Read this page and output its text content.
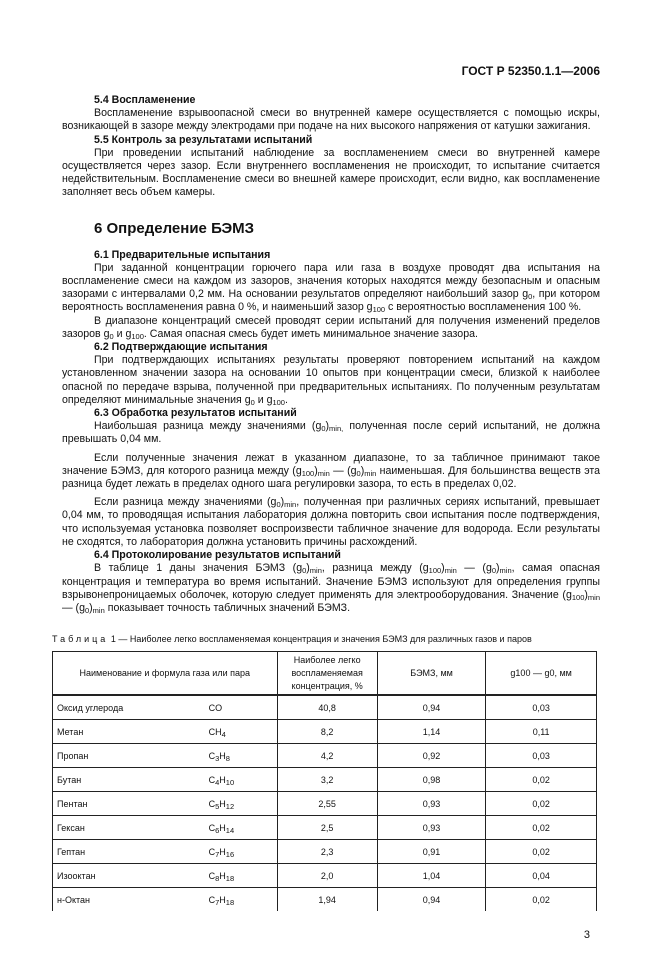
ГОСТ Р 52350.1.1—2006
5.4 Воспламенение
Воспламенение взрывоопасной смеси во внутренней камере осуществляется с помощью искры, возникающей в зазоре между электродами при подаче на них высокого напряжения от катушки зажигания.
5.5 Контроль за результатами испытаний
При проведении испытаний наблюдение за воспламенением смеси во внутренней камере осуществляется через зазор. Если внутреннего воспламенения не происходит, то испытание считается недействительным. Воспламенение смеси во внешней камере происходит, если видно, как воспламенение заполняет весь объем камеры.
6 Определение БЭМЗ
6.1 Предварительные испытания
При заданной концентрации горючего пара или газа в воздухе проводят два испытания на воспламенение смеси на каждом из зазоров, значения которых находятся между безопасным и опасным зазорами с интервалами 0,2 мм. На основании результатов определяют наибольший зазор $g_0$, при котором вероятность воспламенения равна 0 %, и наименьший зазор $g_{100}$ с вероятностью воспламенения 100 %.
В диапазоне концентраций смесей проводят серии испытаний для получения изменений пределов зазоров $g_0$ и $g_{100}$. Самая опасная смесь будет иметь минимальное значение зазора.
6.2 Подтверждающие испытания
При подтверждающих испытаниях результаты проверяют повторением испытаний на каждом установленном значении зазора на основании 10 опытов при концентрации смеси, близкой к наиболее опасной по передаче взрыва, полученной при предварительных испытаниях. По полученным результатам определяют минимальные значения $g_0$ и $g_{100}$.
6.3 Обработка результатов испытаний
Наибольшая разница между значениями $(g_0)_{min,}$ полученная после серий испытаний, не должна превышать 0,04 мм.
Если полученные значения лежат в указанном диапазоне, то за табличное принимают такое значение БЭМЗ, для которого разница между $(g_{100})_{min}$ — $(g_0)_{min}$ наименьшая. Для большинства веществ эта разница будет лежать в пределах одного шага регулировки зазора, то есть в пределах 0,02.
Если разница между значениями $(g_0)_{min}$, полученная при различных сериях испытаний, превышает 0,04 мм, то проводящая испытания лаборатория должна повторить свои испытания после подтверждения, что используемая установка позволяет воспроизвести табличное значение для водорода. Если результаты не сходятся, то лаборатория должна установить причины расхождений.
6.4 Протоколирование результатов испытаний
В таблице 1 даны значения БЭМЗ $(g_0)_{min}$, разница между $(g_{100})_{min}$ — $(g_0)_{min}$, самая опасная концентрация и температура во время испытаний. Значение БЭМЗ используют для определения группы взрывонепроницаемых оболочек, которую следует применять для электрооборудования. Значение $(g_{100})_{min}$ — $(g_0)_{min}$ показывает точность табличных значений БЭМЗ.
Таблица 1 — Наиболее легко воспламеняемая концентрация и значения БЭМЗ для различных газов и паров
Наименование и формула газа или пара		Наиболее легко воспламеняемая концентрация, %	БЭМЗ, мм	g100 — g0, мм
Оксид углерода	CO	40,8	0,94	0,03
Метан	$CH_4$	8,2	1,14	0,11
Пропан	$C_3H_8$	4,2	0,92	0,03
Бутан	$C_4H_{10}$	3,2	0,98	0,02
Пентан	$C_5H_{12}$	2,55	0,93	0,02
Гексан	$C_6H_{14}$	2,5	0,93	0,02
Гептан	$C_7H_{16}$	2,3	0,91	0,02
Изооктан	$C_8H_{18}$	2,0	1,04	0,04
н-Октан	$C_7H_{18}$	1,94	0,94	0,02
3
